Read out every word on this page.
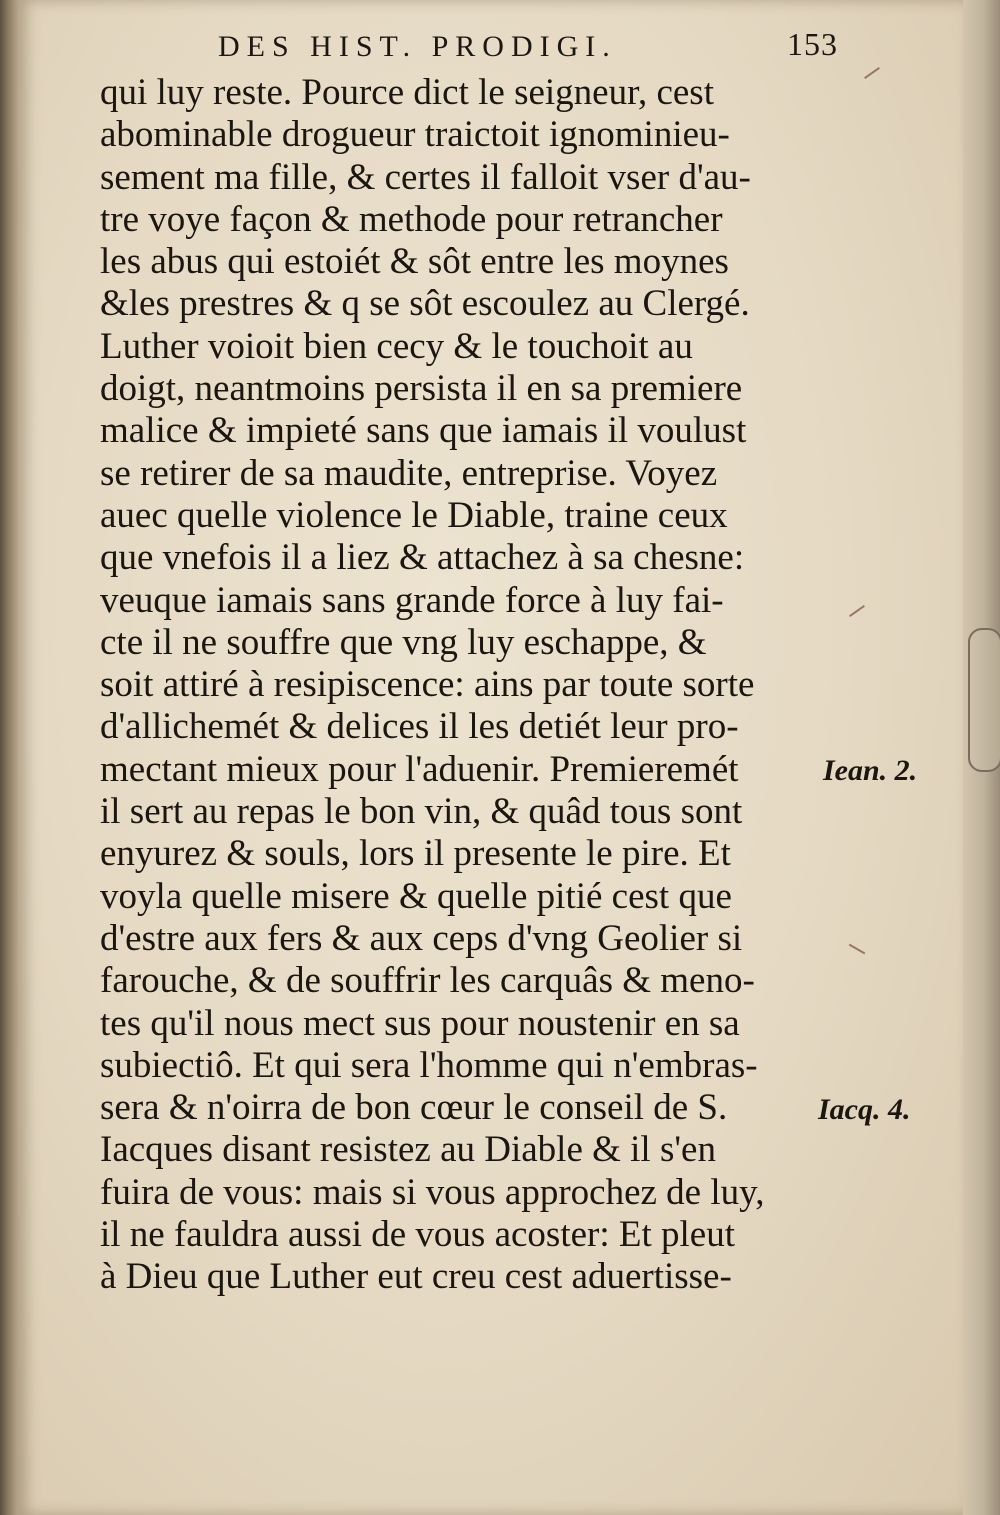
DES HIST. PRODIGI.	153
qui luy reste. Pource dict le seigneur, cest
abominable drogueur traictoit ignominieu-
sement ma fille, & certes il falloit vser d'au-
tre voye façon & methode pour retrancher
les abus qui estoiét & sôt entre les moynes
&les prestres & q se sôt escoulez au Clergé.
Luther voioit bien cecy & le touchoit au
doigt, neantmoins persista il en sa premiere
malice & impieté sans que iamais il voulust
se retirer de sa maudite, entreprise. Voyez
auec quelle violence le Diable, traine ceux
que vnefois il a liez & attachez à sa chesne:
veuque iamais sans grande force à luy fai-
cte il ne souffre que vng luy eschappe, &
soit attiré à resipiscence: ains par toute sorte
d'allichemét & delices il les detiét leur pro-
mectant mieux pour l'aduenir. Premieremét
il sert au repas le bon vin, & quâd tous sont
enyurez & souls, lors il presente le pire. Et
voyla quelle misere & quelle pitié cest que
d'estre aux fers & aux ceps d'vng Geolier si
farouche, & de souffrir les carquâs & meno-
tes qu'il nous mect sus pour noustenir en sa
subiectiô. Et qui sera l'homme qui n'embras-
sera & n'oirra de bon cœur le conseil de S.
Iacques disant resistez au Diable & il s'en
fuira de vous: mais si vous approchez de luy,
il ne fauldra aussi de vous acoster: Et pleut
à Dieu que Luther eut creu cest aduertisse-
Iean. 2.
Iacq. 4.
